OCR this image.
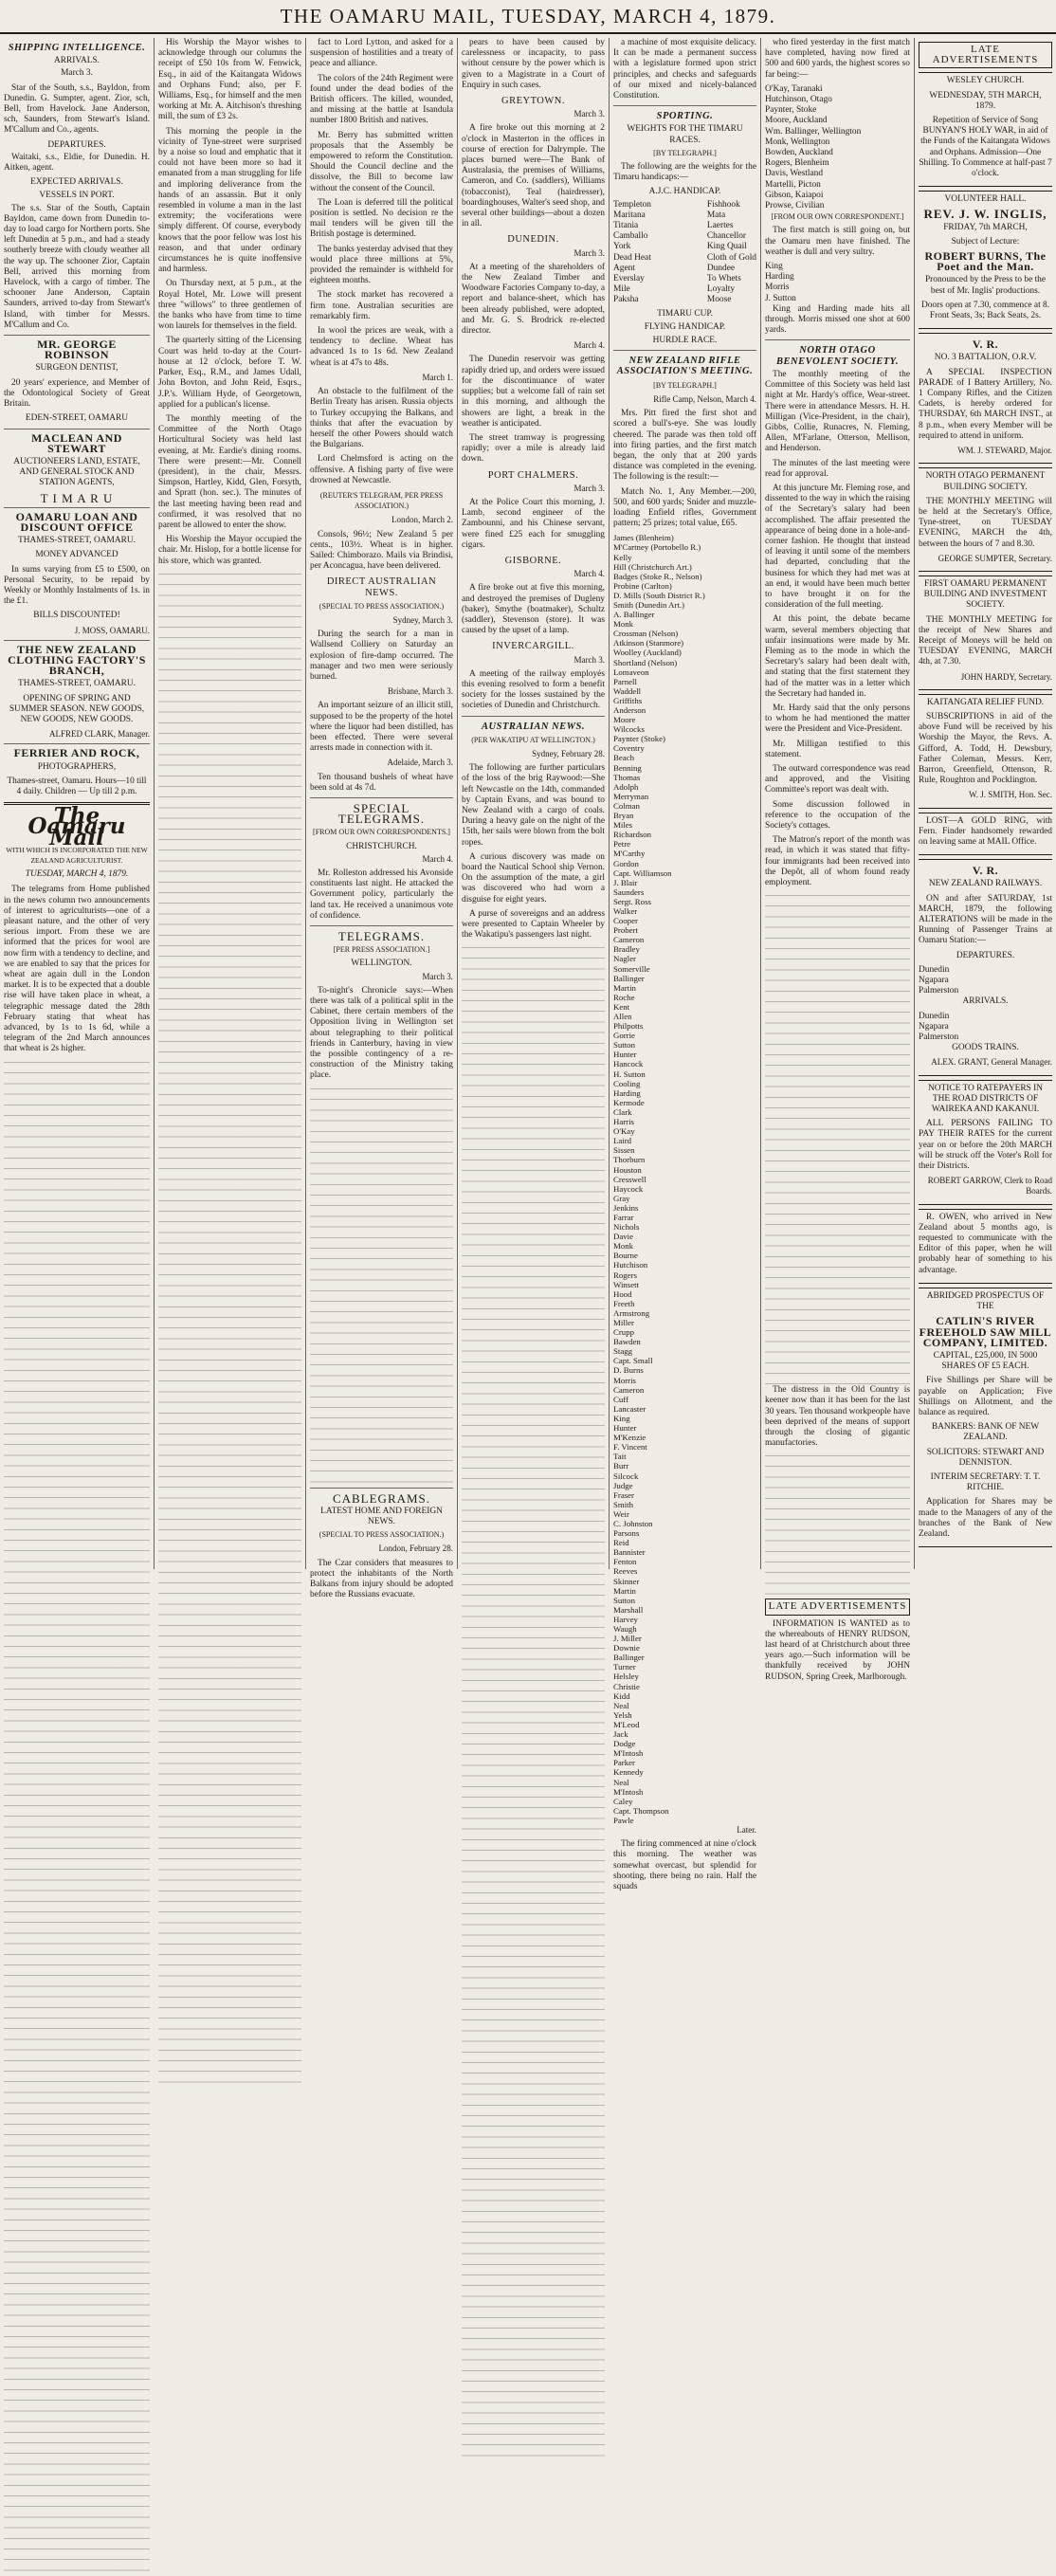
THE OAMARU MAIL, TUESDAY, MARCH 4, 1879.
SHIPPING INTELLIGENCE.
ARRIVALS.

March 3.

Star of the South, s.s., Bayldon, from Dunedin. G. Sumpter, agent. Zior, sch, Bell, from Havelock. Jane Anderson, sch, Saunders, from Stewart's Island. M'Callum and Co., agents.

DEPARTURES.

Waitaki, s.s., Eldie, for Dunedin. H. Aitken, agent.

EXPECTED ARRIVALS.
VESSELS IN PORT.

The s.s. Star of the South, Captain Bayldon, came down from Dunedin to-day to load cargo for Northern ports. She left Dunedin at 5 p.m., and had a steady southerly breeze with cloudy weather all the way up. The schooner Zior, Captain Bell, arrived this morning from Havelock, with a cargo of timber. The schooner Jane Anderson, Captain Saunders, arrived to-day from Stewart's Island, with timber for Messrs. M'Callum and Co.

MR. GEORGE ROBINSON

SURGEON DENTIST,

20 years' experience, and Member of the Odontological Society of Great Britain.

EDEN-STREET, OAMARU

MACLEAN AND STEWART

AUCTIONEERS LAND, ESTATE, AND GENERAL STOCK AND STATION AGENTS,

T I M A R U

OAMARU LOAN AND DISCOUNT OFFICE

THAMES-STREET, OAMARU.

MONEY ADVANCED

In sums varying from £5 to £500, on Personal Security, to be repaid by Weekly or Monthly Instalments of 1s. in the £1.

BILLS DISCOUNTED!

J. MOSS, OAMARU.

THE NEW ZEALAND CLOTHING FACTORY'S BRANCH,

THAMES-STREET, OAMARU.

OPENING OF SPRING AND SUMMER SEASON. NEW GOODS, NEW GOODS, NEW GOODS.

ALFRED CLARK, Manager.

FERRIER AND ROCK,

PHOTOGRAPHERS,

Thames-street, Oamaru. Hours—10 till 4 daily. Children — Up till 2 p.m.

The Oamaru Mail

WITH WHICH IS INCORPORATED THE NEW ZEALAND AGRICULTURIST.

TUESDAY, MARCH 4, 1879.

The telegrams from Home published in the news column two announcements of interest to agriculturists—one of a pleasant nature, and the other of very serious import. From these we are informed that the prices for wool are now firm with a tendency to decline, and we are enabled to say that the prices for wheat are again dull in the London market. It is to be expected that a double rise will have taken place in wheat, a telegraphic message dated the 28th February stating that wheat has advanced, by 1s to 1s 6d, while a telegram of the 2nd March announces that wheat is 2s higher.

His Worship the Mayor wishes to acknowledge through our columns the receipt of £50 10s from W. Fenwick, Esq., in aid of the Kaitangata Widows and Orphans Fund; also, per F. Williams, Esq., for himself and the men working at Mr. A. Aitchison's threshing mill, the sum of £3 2s.

This morning the people in the vicinity of Tyne-street were surprised by a noise so loud and emphatic that it could not have been more so had it emanated from a man struggling for life and imploring deliverance from the hands of an assassin. But it only resembled in volume a man in the last extremity; the vociferations were simply different. Of course, everybody knows that the poor fellow was lost his reason, and that under ordinary circumstances he is quite inoffensive and harmless.

On Thursday next, at 5 p.m., at the Royal Hotel, Mr. Lowe will present three "willows" to three gentlemen of the banks who have from time to time won laurels for themselves in the field.

The quarterly sitting of the Licensing Court was held to-day at the Court-house at 12 o'clock, before T. W. Parker, Esq., R.M., and James Udall, John Bovton, and John Reid, Esqrs., J.P.'s. William Hyde, of Georgetown, applied for a publican's license.

The monthly meeting of the Committee of the North Otago Horticultural Society was held last evening, at Mr. Eardie's dining rooms. There were present:—Mr. Connell (president), in the chair, Messrs. Simpson, Hartley, Kidd, Glen, Forsyth, and Spratt (hon. sec.). The minutes of the last meeting having been read and confirmed, it was resolved that no parent be allowed to enter the show.

His Worship the Mayor occupied the chair. Mr. Hislop, for a bottle license for his store, which was granted.

fact to Lord Lytton, and asked for a suspension of hostilities and a treaty of peace and alliance.

The colors of the 24th Regiment were found under the dead bodies of the British officers. The killed, wounded, and missing at the battle at Isandula number 1800 British and natives.

Mr. Berry has submitted written proposals that the Assembly be empowered to reform the Constitution. Should the Council decline and the dissolve, the Bill to become law without the consent of the Council.

The Loan is deferred till the political position is settled. No decision re the mail tenders will be given till the British postage is determined.

The banks yesterday advised that they would place three millions at 5%, provided the remainder is withheld for eighteen months.

The stock market has recovered a firm tone. Australian securities are remarkably firm.

In wool the prices are weak, with a tendency to decline. Wheat has advanced 1s to 1s 6d. New Zealand wheat is at 47s to 48s.

March 1.

An obstacle to the fulfilment of the Berlin Treaty has arisen. Russia objects to Turkey occupying the Balkans, and thinks that after the evacuation by herself the other Powers should watch the Bulgarians.

Lord Chelmsford is acting on the offensive. A fishing party of five were drowned at Newcastle.

(REUTER'S TELEGRAM, PER PRESS ASSOCIATION.)

London, March 2.

Consols, 96½; New Zealand 5 per cents., 103½. Wheat is in higher. Sailed: Chimborazo. Mails via Brindisi, per Aconcagua, have been delivered.

DIRECT AUSTRALIAN NEWS.

(SPECIAL TO PRESS ASSOCIATION.)

Sydney, March 3.

During the search for a man in Wallsend Colliery on Saturday an explosion of fire-damp occurred. The manager and two men were seriously burned.

Brisbane, March 3.

An important seizure of an illicit still, supposed to be the property of the hotel where the liquor had been distilled, has been effected. There were several arrests made in connection with it.

Adelaide, March 3.

Ten thousand bushels of wheat have been sold at 4s 7d.

SPECIAL TELEGRAMS.

[FROM OUR OWN CORRESPONDENTS.]

CHRISTCHURCH.

March 4.

Mr. Rolleston addressed his Avonside constituents last night. He attacked the Government policy, particularly the land tax. He received a unanimous vote of confidence.

TELEGRAMS.

[PER PRESS ASSOCIATION.]

WELLINGTON.

March 3.

To-night's Chronicle says:—When there was talk of a political split in the Cabinet, there certain members of the Opposition living in Wellington set about telegraphing to their political friends in Canterbury, having in view the possible contingency of a re-construction of the Ministry taking place.

CABLEGRAMS.
LATEST HOME AND FOREIGN NEWS.

(SPECIAL TO PRESS ASSOCIATION.)

London, February 28.

The Czar considers that measures to protect the inhabitants of the North Balkans from injury should be adopted before the Russians evacuate.

pears to have been caused by carelessness or incapacity, to pass without censure by the power which is given to a Magistrate in a Court of Enquiry in such cases.

GREYTOWN.

March 3.

A fire broke out this morning at 2 o'clock in Masterton in the offices in course of erection for Dalrymple. The places burned were—The Bank of Australasia, the premises of Williams, Cameron, and Co. (saddlers), Williams (tobacconist), Teal (hairdresser), boardinghouses, Walter's seed shop, and several other buildings—about a dozen in all.

DUNEDIN.

March 3.

At a meeting of the shareholders of the New Zealand Timber and Woodware Factories Company to-day, a report and balance-sheet, which has been already published, were adopted, and Mr. G. S. Brodrick re-elected director.

March 4.

The Dunedin reservoir was getting rapidly dried up, and orders were issued for the discontinuance of water supplies; but a welcome fall of rain set in this morning, and although the showers are light, a break in the weather is anticipated.

The street tramway is progressing rapidly; over a mile is already laid down.

PORT CHALMERS.

March 3.

At the Police Court this morning, J. Lamb, second engineer of the Zambounni, and his Chinese servant, were fined £25 each for smuggling cigars.

GISBORNE.

March 4.

A fire broke out at five this morning, and destroyed the premises of Dugleny (baker), Smythe (boatmaker), Schultz (saddler), Stevenson (store). It was caused by the upset of a lamp.

INVERCARGILL.

March 3.

A meeting of the railway employés this evening resolved to form a benefit society for the losses sustained by the societies of Dunedin and Christchurch.

AUSTRALIAN NEWS.

(PER WAKATIPU AT WELLINGTON.)

Sydney, February 28.

The following are further particulars of the loss of the brig Raywood:—She left Newcastle on the 14th, commanded by Captain Evans, and was bound to New Zealand with a cargo of coals. During a heavy gale on the night of the 15th, her sails were blown from the bolt ropes.

A curious discovery was made on board the Nautical School ship Vernon. On the assumption of the mate, a girl was discovered who had worn a disguise for eight years.

A purse of sovereigns and an address were presented to Captain Wheeler by the Wakatipu's passengers last night.

a machine of most exquisite delicacy. It can be made a permanent success with a legislature formed upon strict principles, and checks and safeguards of our mixed and nicely-balanced Constitution.

SPORTING.
WEIGHTS FOR THE TIMARU RACES.

[BY TELEGRAPH.]

The following are the weights for the Timaru handicaps:—

A.J.C. HANDICAP.
Templeton
Maritana
Titania
Camballo
York
Dead Heat
Agent
Everslay
Mile
Paksha
Fishhook
Mata
Laertes
Chancellor
King Quail
Cloth of Gold
Dundee
To Whets
Loyalty
Moose
TIMARU CUP.
FLYING HANDICAP.
HURDLE RACE.
NEW ZEALAND RIFLE ASSOCIATION'S MEETING.

[BY TELEGRAPH.]

Rifle Camp, Nelson, March 4.

Mrs. Pitt fired the first shot and scored a bull's-eye. She was loudly cheered. The parade was then told off into firing parties, and the first match began, the only that at 200 yards distance was completed in the evening. The following is the result:—

Match No. 1, Any Member.—200, 500, and 600 yards; Snider and muzzle-loading Enfield rifles, Government pattern; 25 prizes; total value, £65.

James (Blenheim)
M'Cartney (Portobello R.)
Kelly
Hill (Christchurch Art.)
Badges (Stoke R., Nelson)
Probine (Carlton)
D. Mills (South District R.)
Smith (Dunedin Art.)
A. Ballinger
Monk
Crossman (Nelson)
Atkinson (Stanmore)
Woolley (Auckland)
Shortland (Nelson)
Lomaveon
Parnell
Waddell
Griffiths
Anderson
Moore
Wilcocks
Paynter (Stoke)
Coventry
Beach
Benning
Thomas
Adolph
Merryman
Colman
Bryan
Miles
Richardson
Petre
M'Carthy
Gordon
Capt. Williamson
J. Blair
Saunders
Sergt. Ross
Walker
Cooper
Probert
Cameron
Bradley
Nagler
Somerville
Ballinger
Martin
Roche
Kent
Allen
Philpotts
Gorrie
Sutton
Hunter
Hancock
H. Sutton
Cooling
Harding
Kermode
Clark
Harris
O'Kay
Laird
Sissen
Thorburn
Houston
Cresswell
Haycock
Gray
Jenkins
Farrar
Nichols
Davie
Monk
Bourne
Hutchison
Rogers
Winsett
Hood
Freeth
Armstrong
Miller
Crupp
Bawden
Stagg
Capt. Small
D. Burns
Morris
Cameron
Cuff
Lancaster
King
Hunter
M'Kenzie
F. Vincent
Tait
Burr
Silcock
Judge
Fraser
Smith
Weir
C. Johnston
Parsons
Reid
Bannister
Fenton
Reeves
Skinner
Martin
Sutton
Marshall
Harvey
Waugh
J. Miller
Downie
Ballinger
Turner
Helsley
Christie
Kidd
Neal
Yelsh
M'Leod
Jack
Dodge
M'Intosh
Parker
Kennedy
Neal
M'Intosh
Caley
Capt. Thompson
Pawle

Later.

The firing commenced at nine o'clock this morning. The weather was somewhat overcast, but splendid for shooting, there being no rain. Half the squads

who fired yesterday in the first match have completed, having now fired at 500 and 600 yards, the highest scores so far being:—

O'Kay, Taranaki
Hutchinson, Otago
Paynter, Stoke
Moore, Auckland
Wm. Ballinger, Wellington
Monk, Wellington
Bowden, Auckland
Rogers, Blenheim
Davis, Westland
Martelli, Picton
Gibson, Kaiapoi
Prowse, Civilian

[FROM OUR OWN CORRESPONDENT.]

The first match is still going on, but the Oamaru men have finished. The weather is dull and very sultry.

King
Harding
Morris
J. Sutton

King and Harding made hits all through. Morris missed one shot at 600 yards.

NORTH OTAGO BENEVOLENT SOCIETY.

The monthly meeting of the Committee of this Society was held last night at Mr. Hardy's office, Wear-street. There were in attendance Messrs. H. H. Milligan (Vice-President, in the chair), Gibbs, Collie, Runacres, N. Fleming, Allen, M'Farlane, Otterson, Mellison, and Henderson.

The minutes of the last meeting were read for approval.

At this juncture Mr. Fleming rose, and dissented to the way in which the raising of the Secretary's salary had been accomplished. The affair presented the appearance of being done in a hole-and-corner fashion. He thought that instead of leaving it until some of the members had departed, concluding that the business for which they had met was at an end, it would have been much better to have brought it on for the consideration of the full meeting.

At this point, the debate became warm, several members objecting that unfair insinuations were made by Mr. Fleming as to the mode in which the Secretary's salary had been dealt with, and stating that the first statement they had of the matter was in a letter which the Secretary had handed in.

Mr. Hardy said that the only persons to whom he had mentioned the matter were the President and Vice-President.

Mr. Milligan testified to this statement.

The outward correspondence was read and approved, and the Visiting Committee's report was dealt with.

Some discussion followed in reference to the occupation of the Society's cottages.

The Matron's report of the month was read, in which it was stated that fifty-four immigrants had been received into the Depôt, all of whom found ready employment.

The distress in the Old Country is keener now than it has been for the last 30 years. Ten thousand workpeople have been deprived of the means of support through the closing of gigantic manufactories.

LATE ADVERTISEMENTS

INFORMATION IS WANTED as to the whereabouts of HENRY RUDSON, last heard of at Christchurch about three years ago.—Such information will be thankfully received by JOHN RUDSON, Spring Creek, Marlborough.

LATE ADVERTISEMENTS

WESLEY CHURCH.

WEDNESDAY, 5TH MARCH, 1879.

Repetition of Service of Song BUNYAN'S HOLY WAR, in aid of the Funds of the Kaitangata Widows and Orphans. Admission—One Shilling. To Commence at half-past 7 o'clock.

VOLUNTEER HALL.

REV. J. W. INGLIS,

FRIDAY, 7th MARCH,

Subject of Lecture:

ROBERT BURNS, The Poet and the Man.

Pronounced by the Press to be the best of Mr. Inglis' productions.

Doors open at 7.30, commence at 8. Front Seats, 3s; Back Seats, 2s.

V. R.

NO. 3 BATTALION, O.R.V.

A SPECIAL INSPECTION PARADE of I Battery Artillery, No. 1 Company Rifles, and the Citizen Cadets, is hereby ordered for THURSDAY, 6th MARCH INST., at 8 p.m., when every Member will be required to attend in uniform.

WM. J. STEWARD, Major.

NORTH OTAGO PERMANENT BUILDING SOCIETY.

THE MONTHLY MEETING will be held at the Secretary's Office, Tyne-street, on TUESDAY EVENING, MARCH the 4th, between the hours of 7 and 8.30.

GEORGE SUMPTER, Secretary.

FIRST OAMARU PERMANENT BUILDING AND INVESTMENT SOCIETY.

THE MONTHLY MEETING for the receipt of New Shares and Receipt of Moneys will be held on TUESDAY EVENING, MARCH 4th, at 7.30.

JOHN HARDY, Secretary.

KAITANGATA RELIEF FUND.

SUBSCRIPTIONS in aid of the above Fund will be received by his Worship the Mayor, the Revs. A. Gifford, A. Todd, H. Dewsbury, Father Coleman, Messrs. Kerr, Barron, Greenfield, Ottenson, R. Rule, Roughton and Pocklington.

W. J. SMITH, Hon. Sec.

LOST—A GOLD RING, with Fern. Finder handsomely rewarded on leaving same at MAIL Office.

V. R.

NEW ZEALAND RAILWAYS.

ON and after SATURDAY, 1st MARCH, 1879, the following ALTERATIONS will be made in the Running of Passenger Trains at Oamaru Station:—

DEPARTURES.

Dunedin
Ngapara
Palmerston

ARRIVALS.

Dunedin
Ngapara
Palmerston

GOODS TRAINS.

ALEX. GRANT, General Manager.

NOTICE TO RATEPAYERS IN THE ROAD DISTRICTS OF WAIREKA AND KAKANUI.

ALL PERSONS FAILING TO PAY THEIR RATES for the current year on or before the 20th MARCH will be struck off the Voter's Roll for their Districts.

ROBERT GARROW, Clerk to Road Boards.

R. OWEN, who arrived in New Zealand about 5 months ago, is requested to communicate with the Editor of this paper, when he will probably hear of something to his advantage.

ABRIDGED PROSPECTUS OF THE

CATLIN'S RIVER FREEHOLD SAW MILL COMPANY, LIMITED.

CAPITAL, £25,000, IN 5000 SHARES OF £5 EACH.

Five Shillings per Share will be payable on Application; Five Shillings on Allotment, and the balance as required.

BANKERS: BANK OF NEW ZEALAND.

SOLICITORS: STEWART AND DENNISTON.

INTERIM SECRETARY: T. T. RITCHIE.

Application for Shares may be made to the Managers of any of the branches of the Bank of New Zealand.
